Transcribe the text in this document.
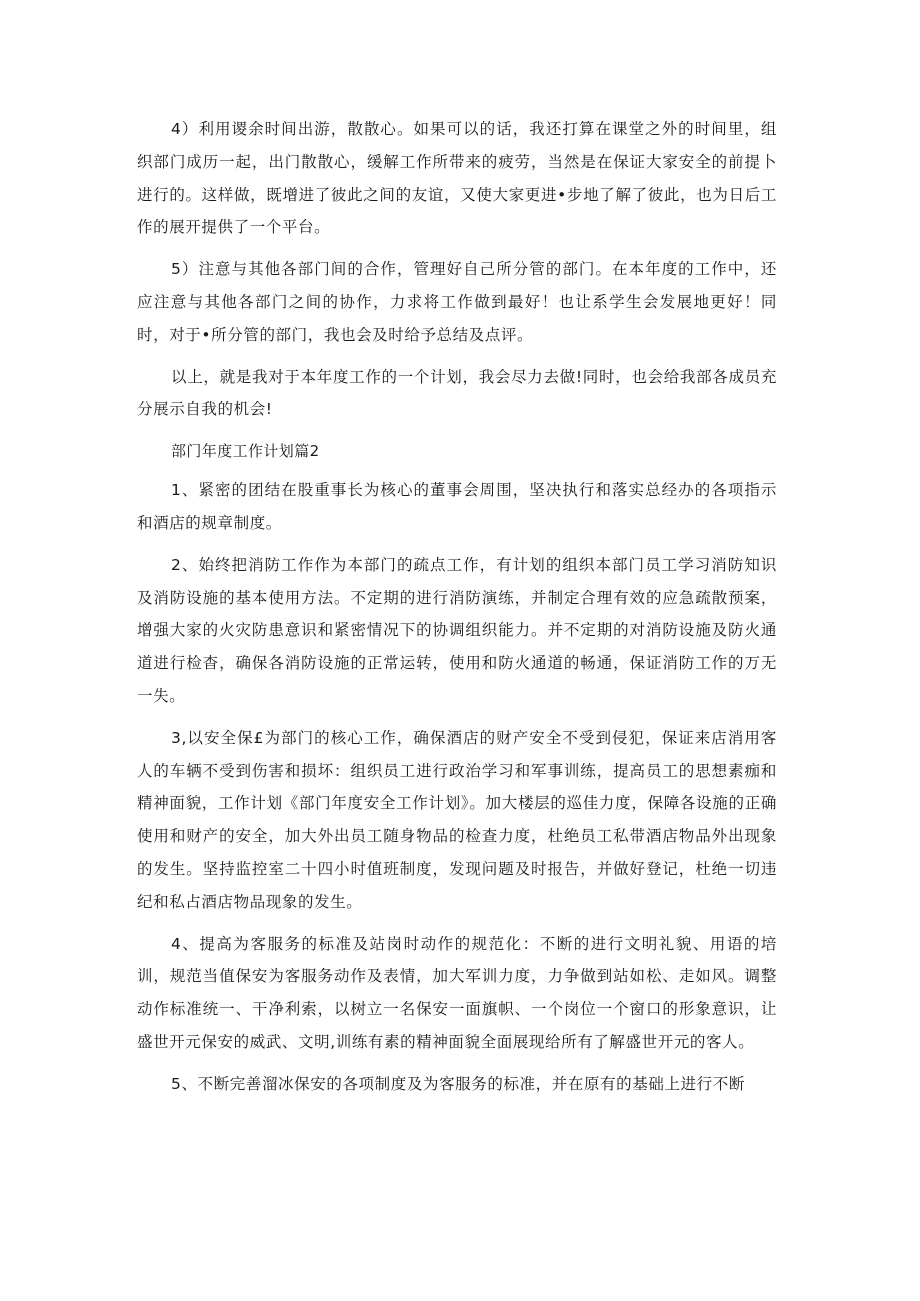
4）利用谡余时间出游，散散心。如果可以的话，我还打算在课堂之外的时间里，组织部门成历一起，出门散散心，缓解工作所带来的疲劳，当然是在保证大家安全的前提卜进行的。这样做，既增进了彼此之间的友谊，又使大家更进•步地了解了彼此，也为日后工作的展开提供了一个平台。

5）注意与其他各部门间的合作，管理好自己所分管的部门。在本年度的工作中，还应注意与其他各部门之间的协作，力求将工作做到最好！也让系学生会发展地更好！同时，对于•所分管的部门，我也会及时给予总结及点评。

以上，就是我对于本年度工作的一个计划，我会尽力去做!同时，也会给我部各成员充分展示自我的机会!

部门年度工作计划篇2

1、紧密的团结在股重事长为核心的董事会周围，坚决执行和落实总经办的各项指示和酒店的规章制度。

2、始终把消防工作作为本部门的疏点工作，有计划的组织本部门员工学习消防知识及消防设施的基本使用方法。不定期的进行消防演练，并制定合理有效的应急疏散预案，增强大家的火灾防患意识和紧密情况下的协调组织能力。并不定期的对消防设施及防火通道进行检杳，确保各消防设施的正常运转，使用和防火通道的畅通，保证消防工作的万无一失。

3,以安全保£为部门的核心工作，确保酒店的财产安全不受到侵犯，保证来店消用客人的车辆不受到伤害和损坏：组织员工进行政治学习和军事训练，提高员工的思想素痂和精神面貌，工作计划《部门年度安全工作计划》。加大楼层的巡佳力度，保障各设施的正确使用和财产的安全，加大外出员工随身物品的检查力度，杜绝员工私带酒店物品外出现象的发生。坚持监控室二十四小时值班制度，发现问题及时报告，并做好登记，杜绝一切违纪和私占酒店物品现象的发生。

4、提高为客服务的标准及站岗时动作的规范化：不断的进行文明礼貌、用语的培训，规范当值保安为客服务动作及表情，加大军训力度，力争做到站如松、走如风。调整动作标准统一、干净利索，以树立一名保安一面旗帜、一个岗位一个窗口的形象意识，让盛世开元保安的威武、文明,训练有素的精神面貌全面展现给所有了解盛世开元的客人。

5、不断完善溜冰保安的各项制度及为客服务的标准，并在原有的基础上进行不断
